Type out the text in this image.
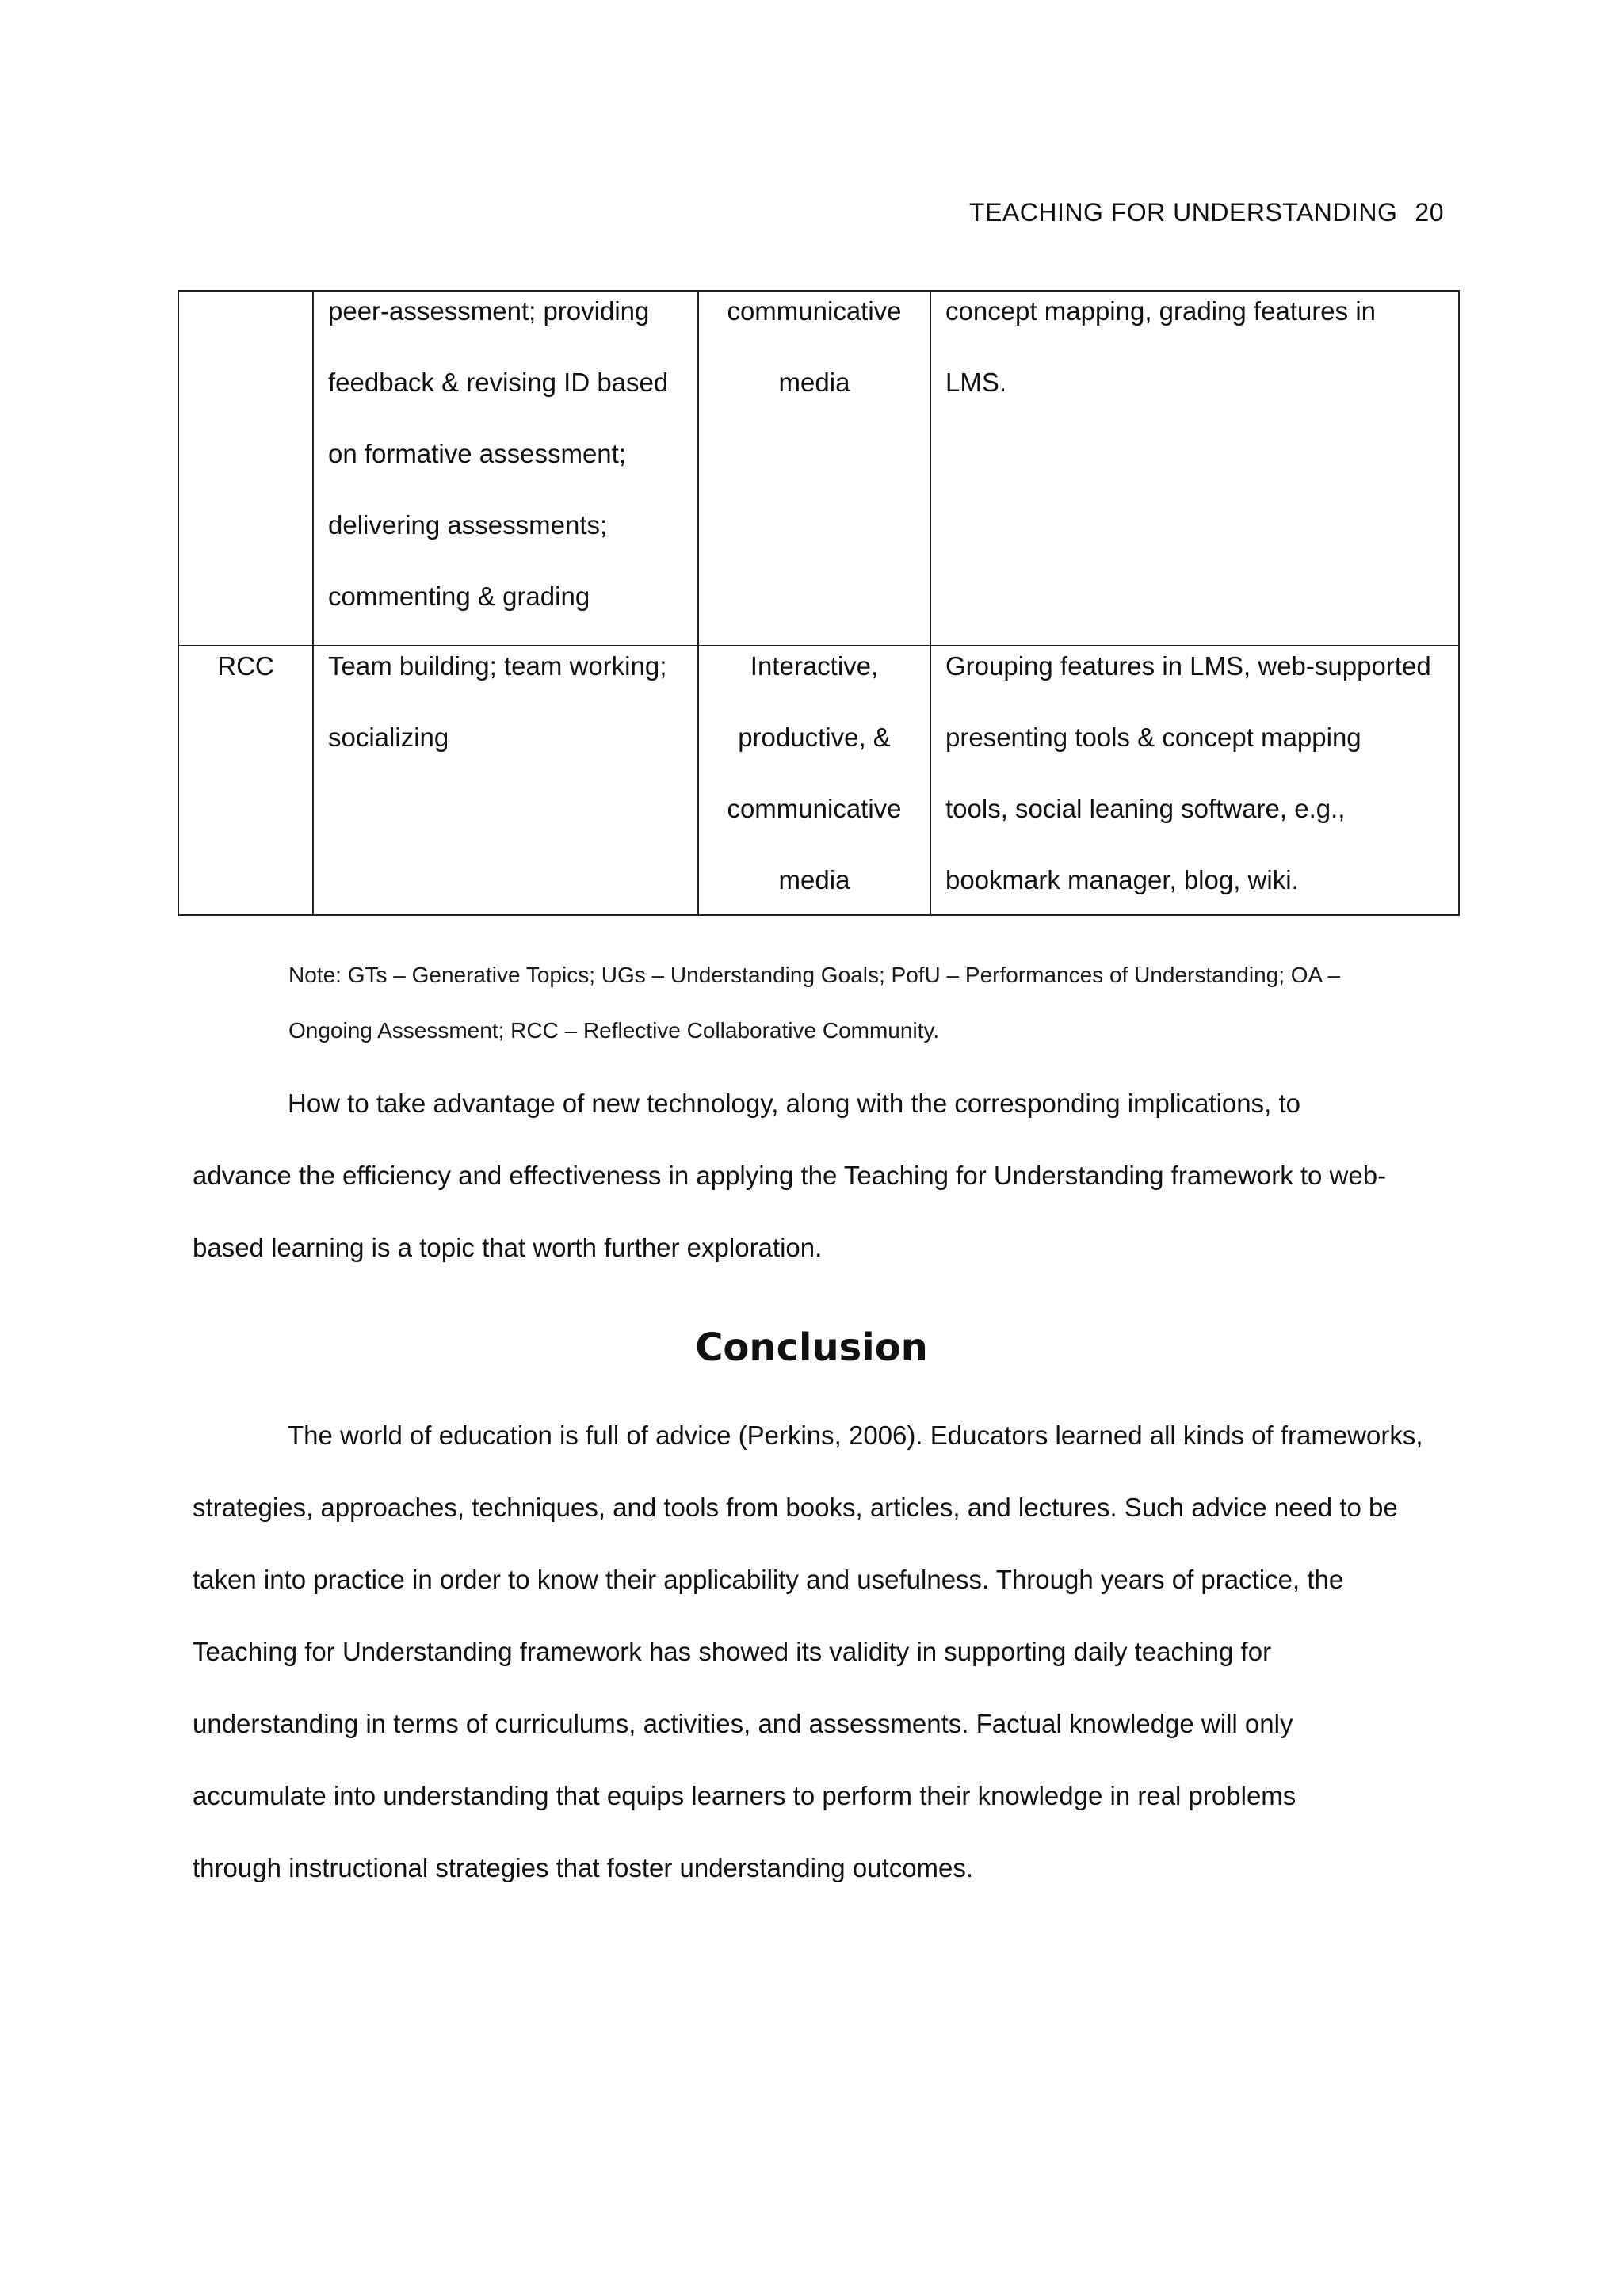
TEACHING FOR UNDERSTANDING 20

	peer-assessment; providing
feedback & revising ID based
on formative assessment;
delivering assessments;
commenting & grading	communicative
media	concept mapping, grading features in
LMS.

RCC	Team building; team working;
socializing	Interactive,
productive, &
communicative
media	Grouping features in LMS, web-supported
presenting tools & concept mapping
tools, social leaning software, e.g.,
bookmark manager, blog, wiki.
Note: GTs – Generative Topics; UGs – Understanding Goals; PofU – Performances of Understanding; OA –
Ongoing Assessment; RCC – Reflective Collaborative Community.
How to take advantage of new technology, along with the corresponding implications, to
advance the efficiency and effectiveness in applying the Teaching for Understanding framework to web-
based learning is a topic that worth further exploration.
Conclusion
The world of education is full of advice (Perkins, 2006). Educators learned all kinds of frameworks,
strategies, approaches, techniques, and tools from books, articles, and lectures. Such advice need to be
taken into practice in order to know their applicability and usefulness. Through years of practice, the
Teaching for Understanding framework has showed its validity in supporting daily teaching for
understanding in terms of curriculums, activities, and assessments. Factual knowledge will only
accumulate into understanding that equips learners to perform their knowledge in real problems
through instructional strategies that foster understanding outcomes.
